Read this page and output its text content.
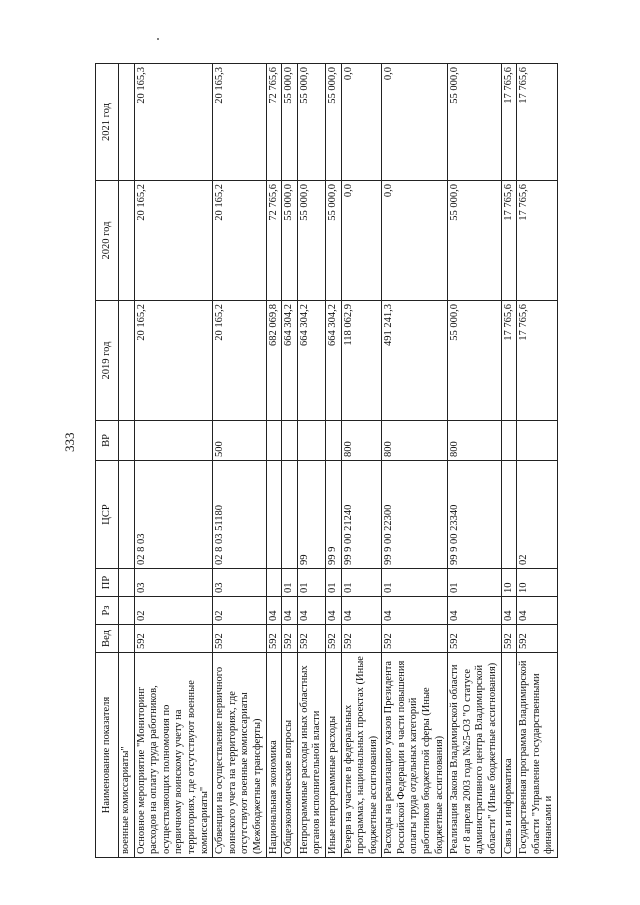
333
Наименование показателя	Вед	Рз	ПР	ЦСР	ВР	2019 год	2020 год	2021 год
военные комиссариаты"								
Основное мероприятие "Мониторинг расходов на оплату труда работников, осуществляющих полномочия по первичному воинскому учету на территориях, где отсутствуют военные комиссариаты"	592	02	03	02 8 03		20 165,2	20 165,2	20 165,3
Субвенции на осуществление первичного воинского учета на территориях, где отсутствуют военные комиссариаты (Межбюджетные трансферты)	592	02	03	02 8 03 51180	500	20 165,2	20 165,2	20 165,3
Национальная экономика	592	04				682 069,8	72 765,6	72 765,6
Общеэкономические вопросы	592	04	01			664 304,2	55 000,0	55 000,0
Непрограммные расходы иных областных органов исполнительной власти	592	04	01	99		664 304,2	55 000,0	55 000,0
Иные непрограммные расходы	592	04	01	99 9		664 304,2	55 000,0	55 000,0
Резерв на участие в федеральных программах, национальных проектах (Иные бюджетные ассигнования)	592	04	01	99 9 00 21240	800	118 062,9	0,0	0,0
Расходы на реализацию указов Президента Российской Федерации в части повышения оплаты труда отдельных категорий работников бюджетной сферы (Иные бюджетные ассигнования)	592	04	01	99 9 00 22300	800	491 241,3	0,0	0,0
Реализация Закона Владимирской области от 8 апреля 2003 года №25-ОЗ "О статусе административного центра Владимирской области" (Иные бюджетные ассигнования)	592	04	01	99 9 00 23340	800	55 000,0	55 000,0	55 000,0
Связь и информатика	592	04	10			17 765,6	17 765,6	17 765,6
Государственная программа Владимирской области "Управление государственными финансами и	592	04	10	02		17 765,6	17 765,6	17 765,6
